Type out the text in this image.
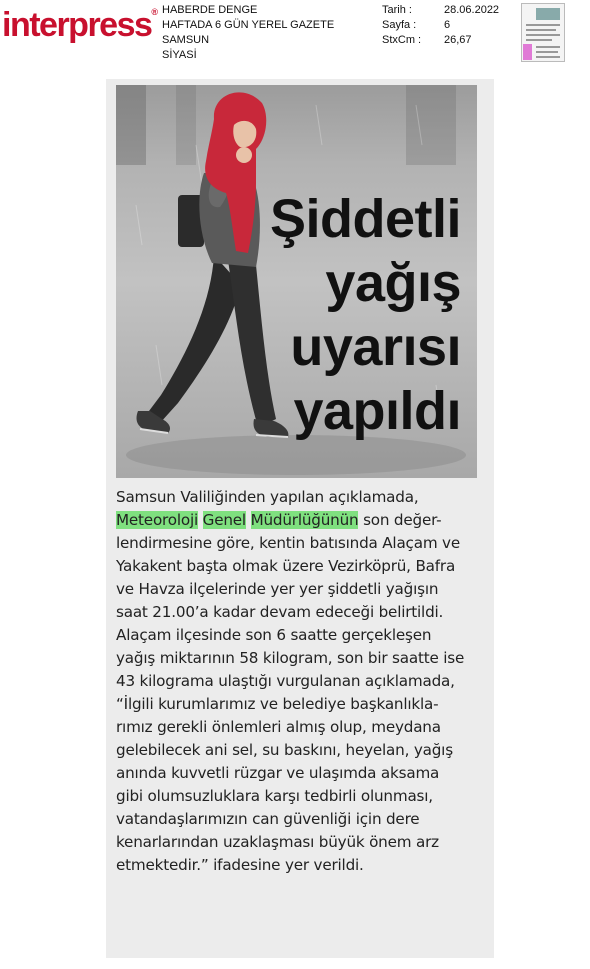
interpress® HABERDE DENGE
HAFTADA 6 GÜN YEREL GAZETE
SAMSUN
SİYASİ
Tarih :	28.06.2022
Sayfa :	6
StxCm :	26,67
Şiddetli
yağış
uyarısı
yapıldı
Samsun Valiliğinden yapılan açıklamada,
Meteoroloji Genel Müdürlüğünün son değer-
lendirmesine göre, kentin batısında Alaçam ve
Yakakent başta olmak üzere Vezirköprü, Bafra
ve Havza ilçelerinde yer yer şiddetli yağışın
saat 21.00’a kadar devam edeceği belirtildi.
Alaçam ilçesinde son 6 saatte gerçekleşen
yağış miktarının 58 kilogram, son bir saatte ise
43 kilograma ulaştığı vurgulanan açıklamada,
“İlgili kurumlarımız ve belediye başkanlıkla-
rımız gerekli önlemleri almış olup, meydana
gelebilecek ani sel, su baskını, heyelan, yağış
anında kuvvetli rüzgar ve ulaşımda aksama
gibi olumsuzluklara karşı tedbirli olunması,
vatandaşlarımızın can güvenliği için dere
kenarlarından uzaklaşması büyük önem arz
etmektedir.” ifadesine yer verildi.
